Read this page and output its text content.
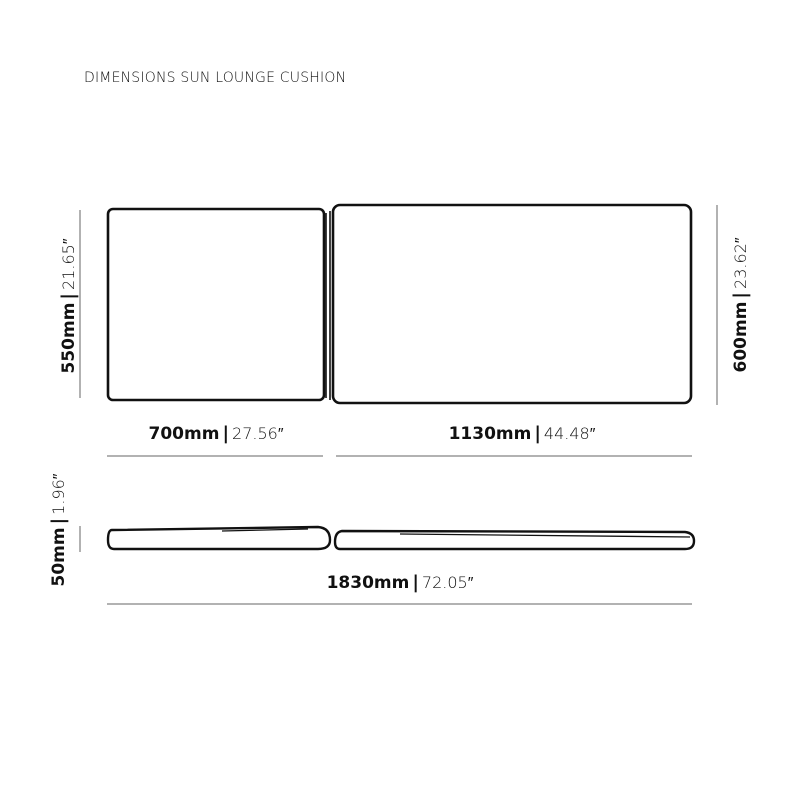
DIMENSIONS SUN LOUNGE CUSHION
700mm | 27.56″	1130mm | 44.48″
1830mm | 72.05″
550mm|21.65″
600mm|23.62″
50mm|1.96″
